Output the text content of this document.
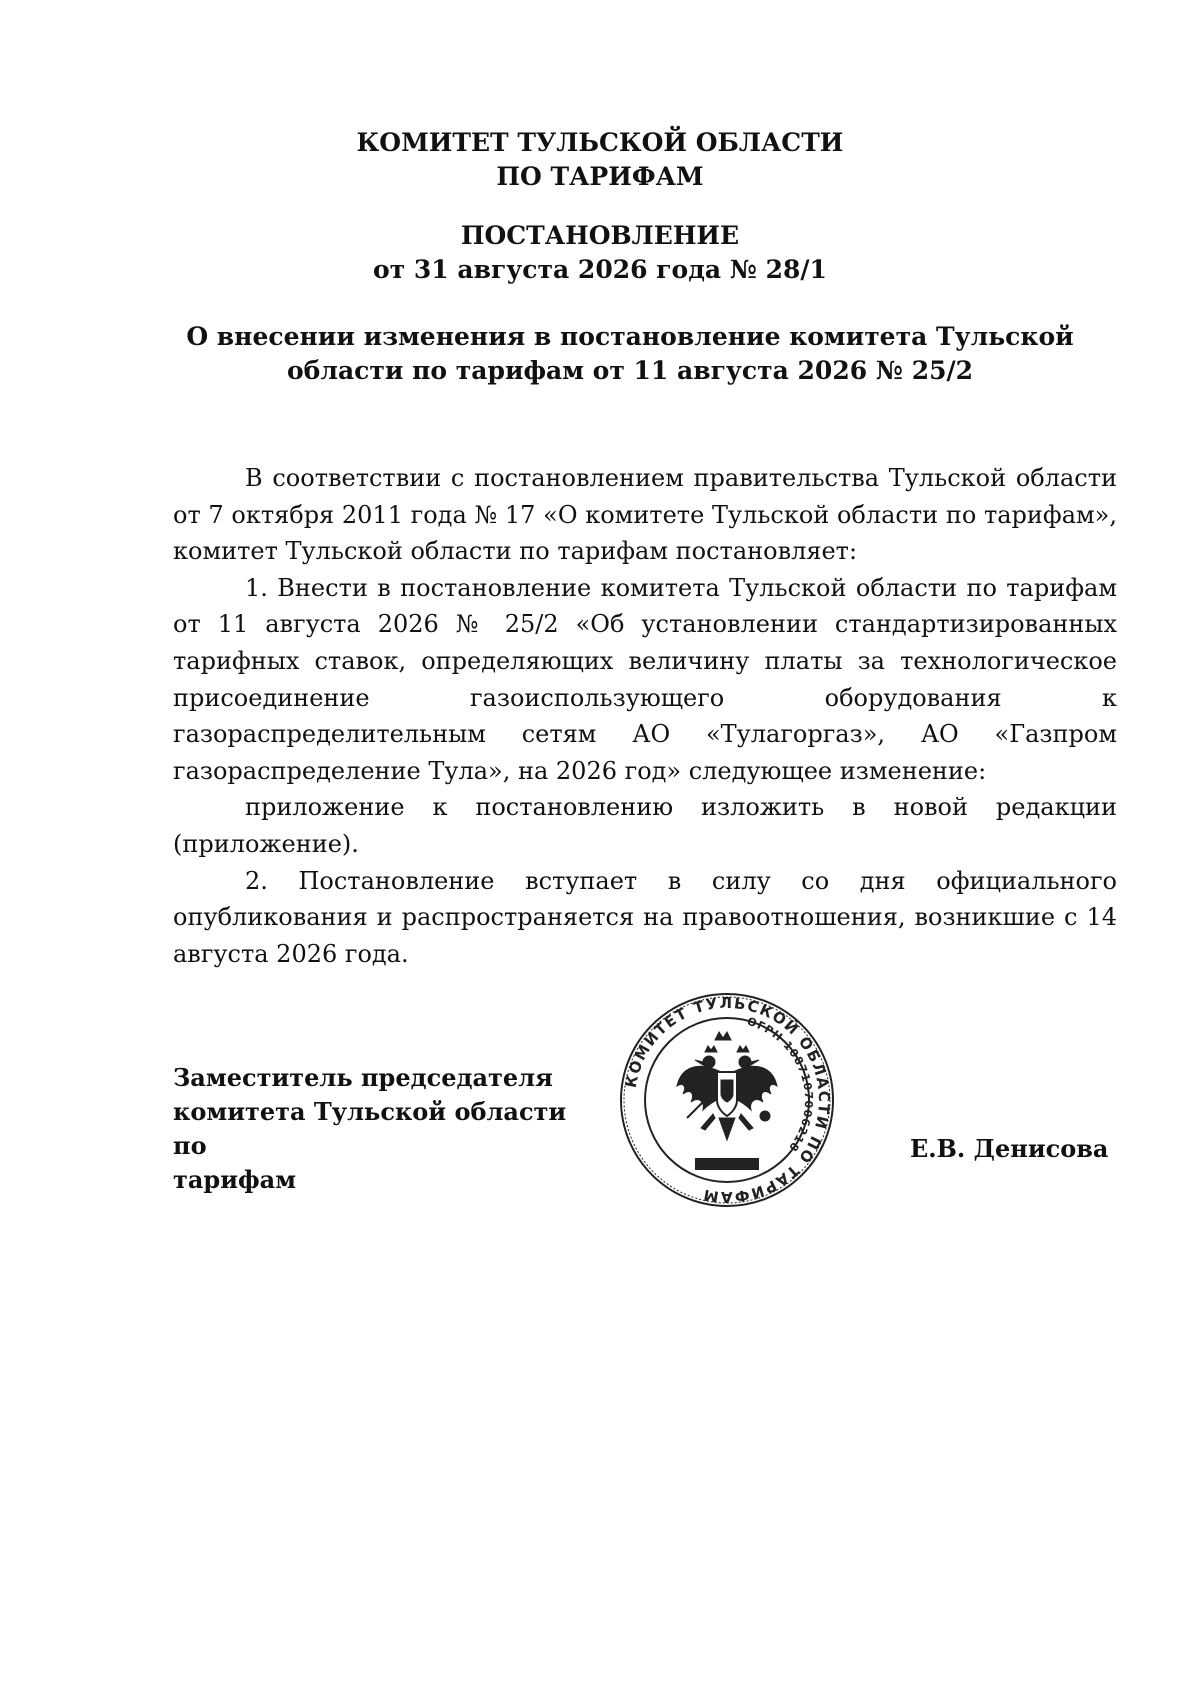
КОМИТЕТ ТУЛЬСКОЙ ОБЛАСТИ
ПО ТАРИФАМ
ПОСТАНОВЛЕНИЕ
от 31 августа 2026 года № 28/1
О внесении изменения в постановление комитета Тульской области по тарифам от 11 августа 2026 № 25/2

В соответствии с постановлением правительства Тульской области от 7 октября 2011 года № 17 «О комитете Тульской области по тарифам», комитет Тульской области по тарифам постановляет:

1. Внести в постановление комитета Тульской области по тарифам от 11 августа 2026 № 25/2 «Об установлении стандартизированных тарифных ставок, определяющих величину платы за технологическое присоединение газоиспользующего оборудования к газораспределительным сетям АО «Тулагоргаз», АО «Газпром газораспределение Тула», на 2026 год» следующее изменение:

приложение к постановлению изложить в новой редакции (приложение).

2. Постановление вступает в силу со дня официального опубликования и распространяется на правоотношения, возникшие с 14 августа 2026 года.

Заместитель председателя
комитета Тульской области по
тарифам
Е.В. Денисова
КОМИТЕТ ТУЛЬСКОЙ ОБЛАСТИ ПО ТАРИФАМ
ОГРН 1087107006218
